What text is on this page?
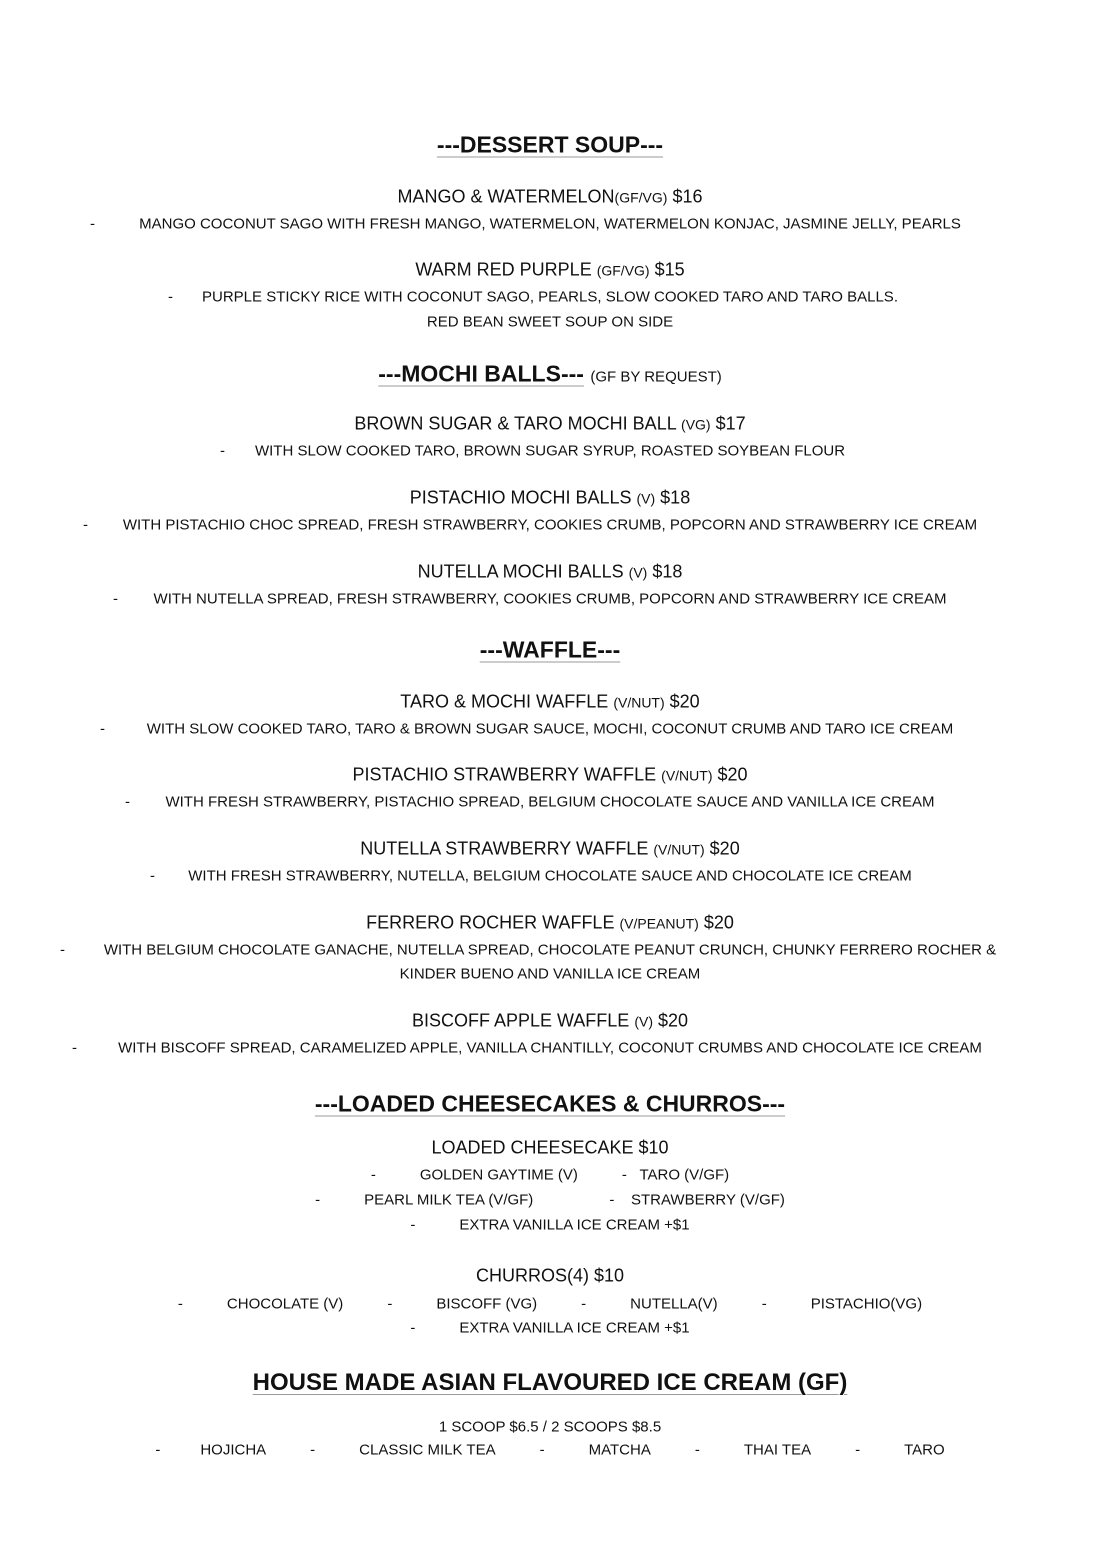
---DESSERT SOUP---
MANGO & WATERMELON(GF/VG) $16
-	MANGO COCONUT SAGO WITH FRESH MANGO, WATERMELON, WATERMELON KONJAC, JASMINE JELLY, PEARLS
WARM RED PURPLE (GF/VG) $15
-	PURPLE STICKY RICE WITH COCONUT SAGO, PEARLS, SLOW COOKED TARO AND TARO BALLS.
RED BEAN SWEET SOUP ON SIDE
---MOCHI BALLS--- (GF BY REQUEST)
BROWN SUGAR & TARO MOCHI BALL (VG) $17
-	WITH SLOW COOKED TARO, BROWN SUGAR SYRUP, ROASTED SOYBEAN FLOUR
PISTACHIO MOCHI BALLS (V) $18
-	WITH PISTACHIO CHOC SPREAD, FRESH STRAWBERRY, COOKIES CRUMB, POPCORN AND STRAWBERRY ICE CREAM
NUTELLA MOCHI BALLS (V) $18
-	WITH NUTELLA SPREAD, FRESH STRAWBERRY, COOKIES CRUMB, POPCORN AND STRAWBERRY ICE CREAM
---WAFFLE---
TARO & MOCHI WAFFLE (V/NUT) $20
-	WITH SLOW COOKED TARO, TARO & BROWN SUGAR SAUCE, MOCHI, COCONUT CRUMB AND TARO ICE CREAM
PISTACHIO STRAWBERRY WAFFLE (V/NUT) $20
-	WITH FRESH STRAWBERRY, PISTACHIO SPREAD, BELGIUM CHOCOLATE SAUCE AND VANILLA ICE CREAM
NUTELLA STRAWBERRY WAFFLE (V/NUT) $20
-	WITH FRESH STRAWBERRY, NUTELLA, BELGIUM CHOCOLATE SAUCE AND CHOCOLATE ICE CREAM
FERRERO ROCHER WAFFLE (V/PEANUT) $20
-	WITH BELGIUM CHOCOLATE GANACHE, NUTELLA SPREAD, CHOCOLATE PEANUT CRUNCH, CHUNKY FERRERO ROCHER &
KINDER BUENO AND VANILLA ICE CREAM
BISCOFF APPLE WAFFLE (V) $20
-	WITH BISCOFF SPREAD, CARAMELIZED APPLE, VANILLA CHANTILLY, COCONUT CRUMBS AND CHOCOLATE ICE CREAM
---LOADED CHEESECAKES & CHURROS---
LOADED CHEESECAKE $10
-	GOLDEN GAYTIME (V)	- TARO (V/GF)
-	PEARL MILK TEA (V/GF)	- STRAWBERRY (V/GF)
-	EXTRA VANILLA ICE CREAM +$1
CHURROS(4) $10
-	CHOCOLATE (V)	-	BISCOFF (VG)	-	NUTELLA(V)	-	PISTACHIO(VG)
-	EXTRA VANILLA ICE CREAM +$1
HOUSE MADE ASIAN FLAVOURED ICE CREAM (GF)
1 SCOOP $6.5 / 2 SCOOPS $8.5
-	HOJICHA	-	CLASSIC MILK TEA	-	MATCHA	-	THAI TEA	-	TARO
